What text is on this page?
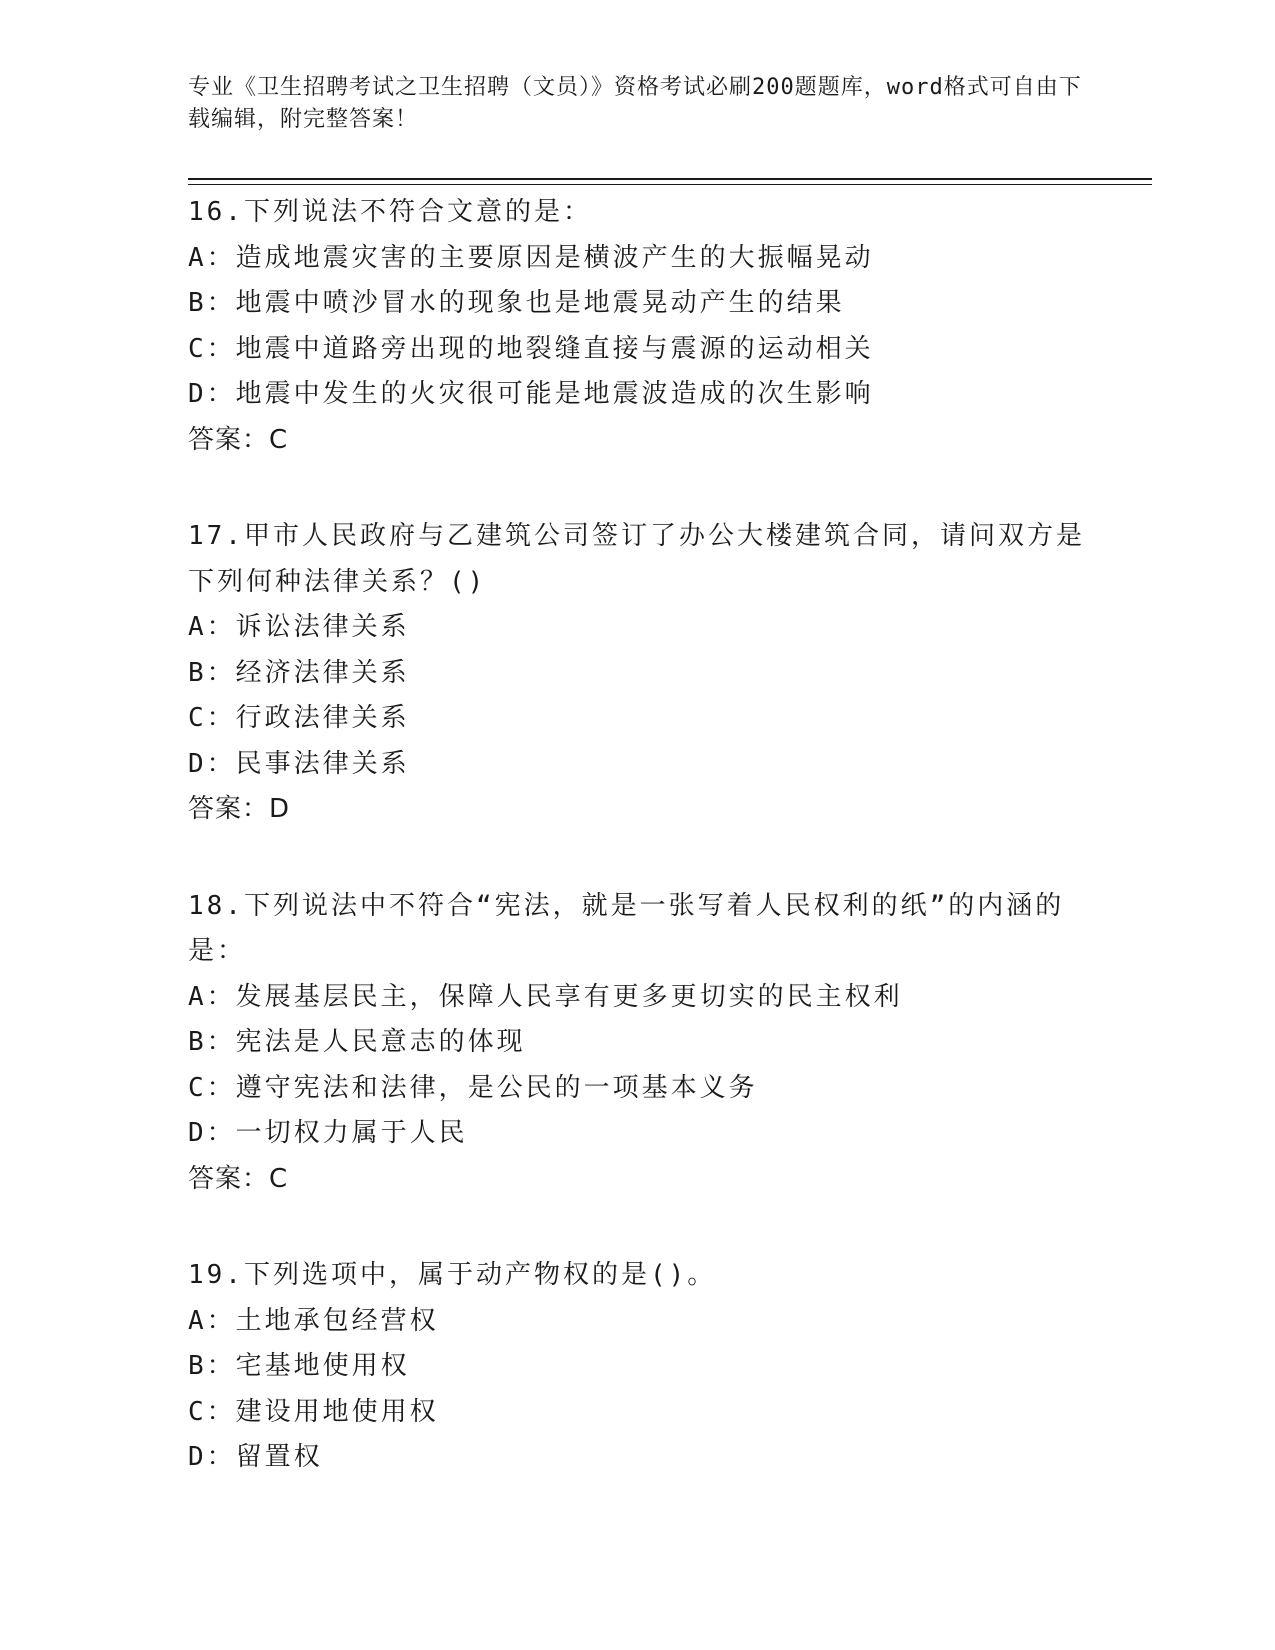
专业《卫生招聘考试之卫生招聘（文员）》资格考试必刷200题题库，word格式可自由下载编辑，附完整答案！
16.下列说法不符合文意的是：
A：造成地震灾害的主要原因是横波产生的大振幅晃动
B：地震中喷沙冒水的现象也是地震晃动产生的结果
C：地震中道路旁出现的地裂缝直接与震源的运动相关
D：地震中发生的火灾很可能是地震波造成的次生影响
答案：C
17.甲市人民政府与乙建筑公司签订了办公大楼建筑合同，请问双方是下列何种法律关系？()
A：诉讼法律关系
B：经济法律关系
C：行政法律关系
D：民事法律关系
答案：D
18.下列说法中不符合“宪法，就是一张写着人民权利的纸”的内涵的是：
A：发展基层民主，保障人民享有更多更切实的民主权利
B：宪法是人民意志的体现
C：遵守宪法和法律，是公民的一项基本义务
D：一切权力属于人民
答案：C
19.下列选项中，属于动产物权的是()。
A：土地承包经营权
B：宅基地使用权
C：建设用地使用权
D：留置权
